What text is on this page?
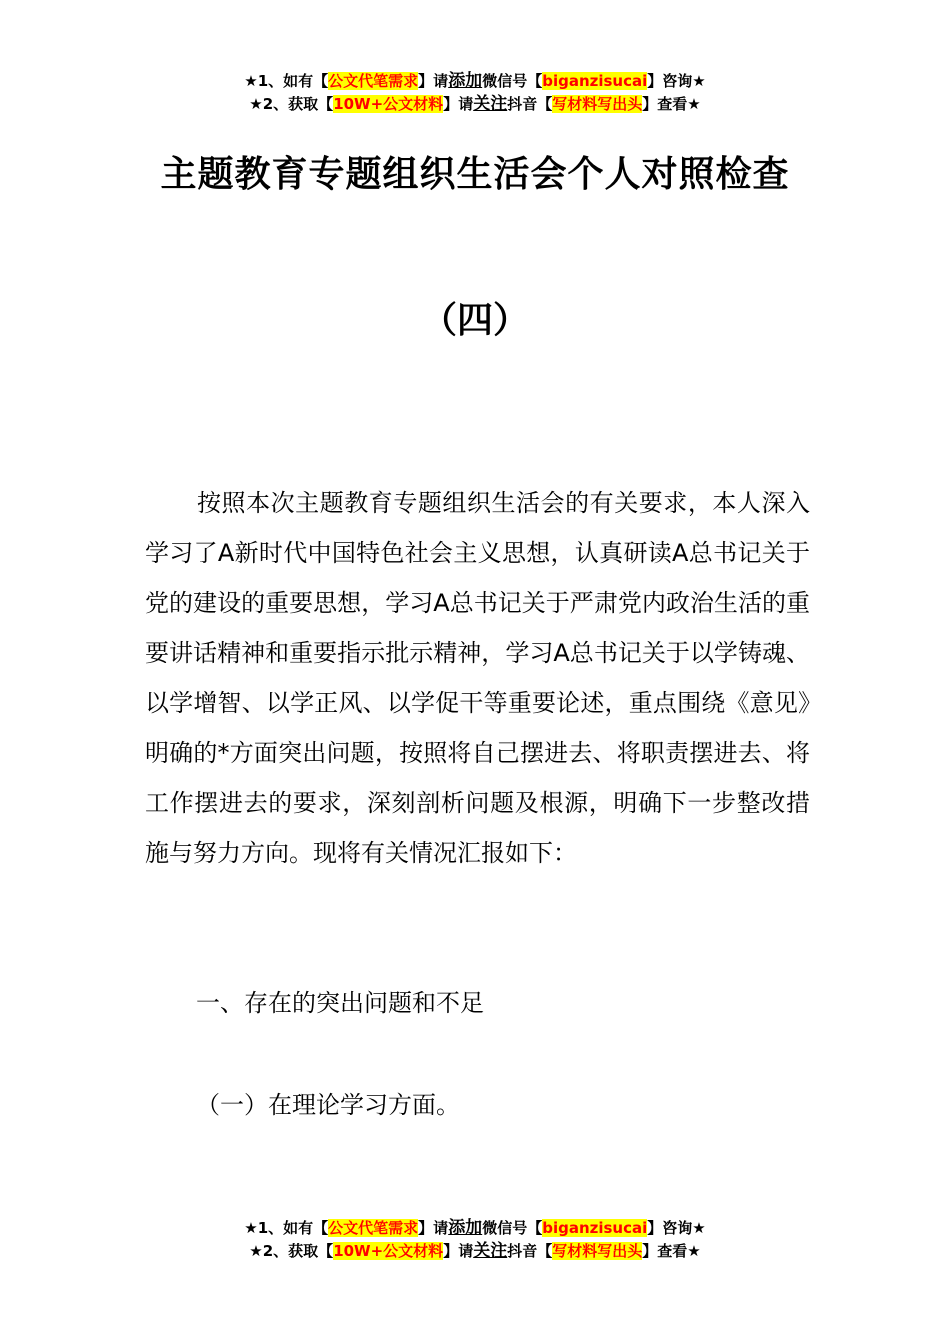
★1、如有【公文代笔需求】请添加微信号【biganzisucai】咨询★
★2、获取【10W+公文材料】请关注抖音【写材料写出头】查看★
主题教育专题组织生活会个人对照检查
（四）
按照本次主题教育专题组织生活会的有关要求，本人深入学习了A新时代中国特色社会主义思想，认真研读A总书记关于党的建设的重要思想，学习A总书记关于严肃党内政治生活的重要讲话精神和重要指示批示精神，学习A总书记关于以学铸魂、以学增智、以学正风、以学促干等重要论述，重点围绕《意见》明确的*方面突出问题，按照将自己摆进去、将职责摆进去、将工作摆进去的要求，深刻剖析问题及根源，明确下一步整改措施与努力方向。现将有关情况汇报如下：
一、存在的突出问题和不足
（一）在理论学习方面。
★1、如有【公文代笔需求】请添加微信号【biganzisucai】咨询★
★2、获取【10W+公文材料】请关注抖音【写材料写出头】查看★
